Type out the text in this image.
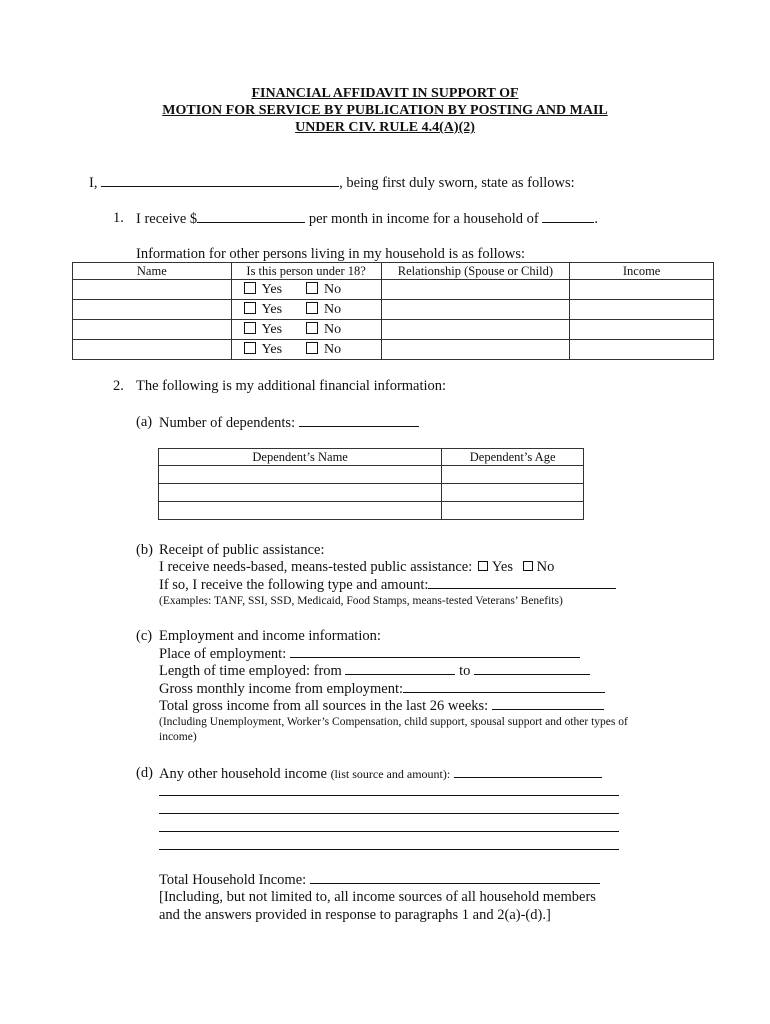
FINANCIAL AFFIDAVIT IN SUPPORT OF
MOTION FOR SERVICE BY PUBLICATION BY POSTING AND MAIL
UNDER CIV. RULE 4.4(A)(2)
I,	, being first duly sworn, state as follows:
1. I receive $	per month in income for a household of	.
Information for other persons living in my household is as follows:
Name	Is this person under 18?	Relationship (Spouse or Child)	Income
	Yes No		
	Yes No		
	Yes No		
	Yes No		
2. The following is my additional financial information:
(a) Number of dependents:
Dependent’s Name	Dependent’s Age

(b) Receipt of public assistance:
I receive needs-based, means-tested public assistance: Yes No
If so, I receive the following type and amount:
(Examples: TANF, SSI, SSD, Medicaid, Food Stamps, means-tested Veterans’ Benefits)
(c) Employment and income information:
Place of employment:
Length of time employed: from	to
Gross monthly income from employment:
Total gross income from all sources in the last 26 weeks:
(Including Unemployment, Worker’s Compensation, child support, spousal support and other types of
income)
(d) Any other household income (list source and amount):
Total Household Income:
[Including, but not limited to, all income sources of all household members
and the answers provided in response to paragraphs 1 and 2(a)-(d).]
